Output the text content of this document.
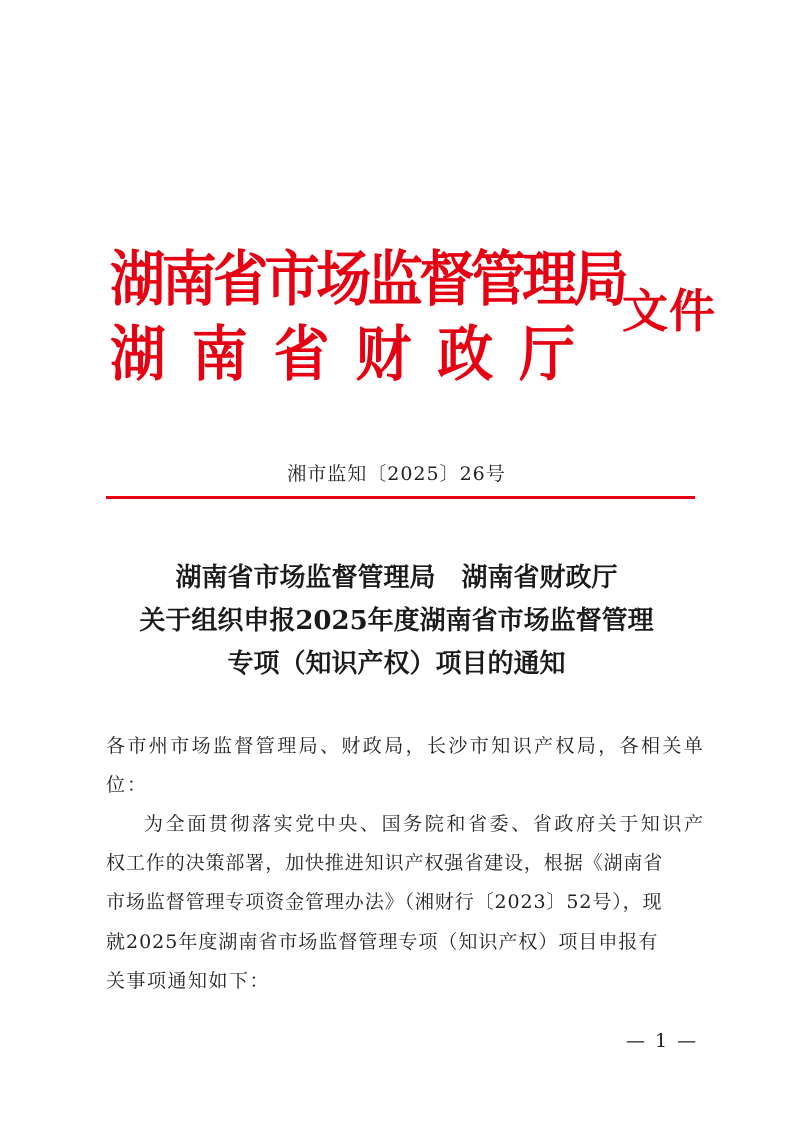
湖南省市场监督管理局
湖南省财政厅
文件
湘市监知〔2025〕26号
湖南省市场监督管理局　湖南省财政厅
关于组织申报2025年度湖南省市场监督管理
专项（知识产权）项目的通知
各市州市场监督管理局、财政局，长沙市知识产权局，各相关单
位：
为全面贯彻落实党中央、国务院和省委、省政府关于知识产
权工作的决策部署，加快推进知识产权强省建设，根据《湖南省
市场监督管理专项资金管理办法》（湘财行〔2023〕52号），现
就2025年度湖南省市场监督管理专项（知识产权）项目申报有
关事项通知如下：
— 1 —
